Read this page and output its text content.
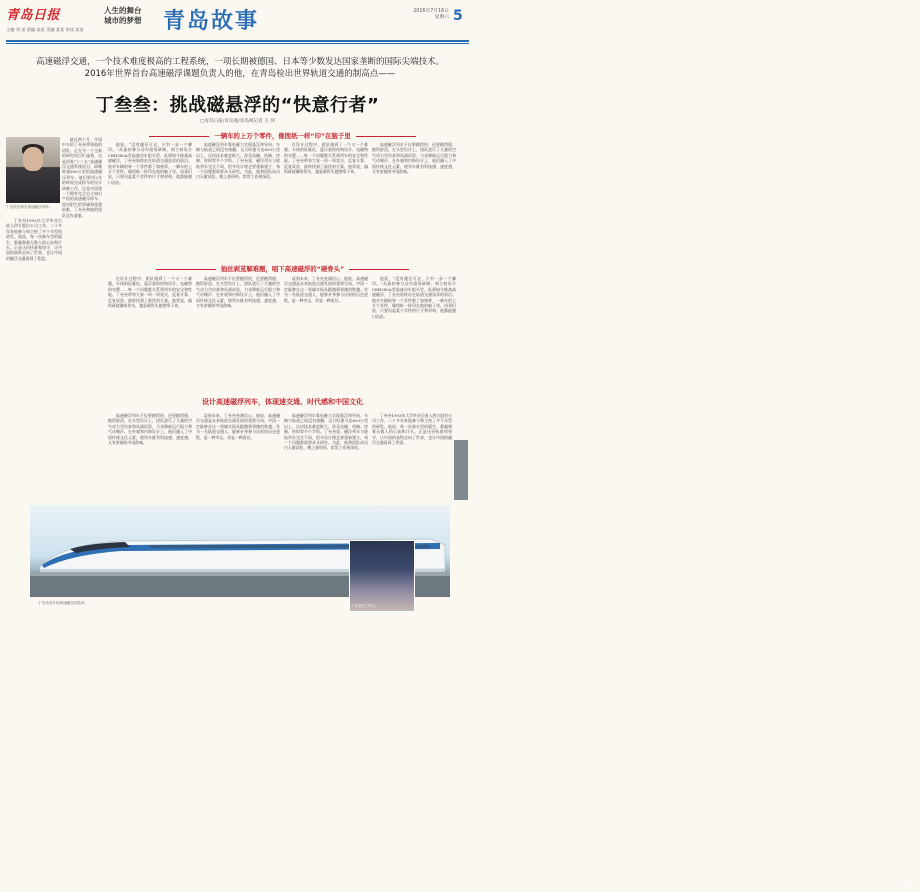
青岛日报
主编 刘 某 责编 某某 美编 某某 审读 某某
人生的舞台
城市的梦想 青岛故事	2016年7月16日
星期六 5
高速磁浮交通，一个技术难度极高的工程系统，一项长期被德国、日本等少数发达国家垄断的国际尖端技术。2016年世界首台高速磁浮课题负责人的他，在青岛检出世界轨道交通的制高点——
丁叁叁：挑战磁悬浮的“快意行者”
□青岛日报/青岛观/青岛网记者 王 珂
丁叁叁在研究高速磁浮列车。

最近两个月，中国中车的丁叁叁带领他的团队，正在为一个全新的研究项目忙碌着，这是国家“十三五”高速磁浮交通系统项目，研制时速600公里的高速磁浮列车。他们要用2年的时间完成样车的设计研制工作，这是中国第一个拥有完全自主知识产权的高速磁浮样车。面对陌生的领域和重重困难，丁叁叁和他的团队没有退缩。

丁叁叁1993年大学毕业后进入四方股份公司工作，二十多年来他参与和主持了多个车型的研发。他说，每一次新车型的诞生，都凝聚着无数人的心血和汗水。正是这份执着和坚守，让中国的高铁走向了世界，也让中国的磁浮交通看到了希望。

一辆车的上万个零件，像图纸一样“印”在脑子里

他说，“没有捷径可走，只有一步一个脚印。”从最初参与动车组的研制，到主持设计CRH380A型高速动车组头型，再到如今挑战高速磁浮，丁叁叁始终站在轨道交通技术的前沿。他对车辆的每一个零件都了如指掌，一辆车的上万个零件，像图纸一样印在他的脑子里。同事们说，只要问起某个零件的尺寸和材料，他都能脱口而出。

高速磁浮列车靠电磁力实现悬浮和导向，车辆与轨道之间没有接触，运行时速可达600公里以上。这项技术难度极大，涉及电磁、机械、控制、材料等多个学科。丁叁叁说，磁浮列车与轮轨列车完全不同，很多设计理念要重新建立，每一个问题都需要从头研究。为此，他和团队成员白天做试验，晚上查资料，常常工作到深夜。

在设计过程中，团队遇到了一个又一个难题。车体的轻量化、悬浮架的结构设计、电磁铁的布置……每一个问题都关系到列车的安全和性能。丁叁叁带领大家一项一项攻关，反复计算、反复试验，最终找到了最优的方案。他常说，搞科研就像啃骨头，越是硬骨头越要啃下来。

高速磁浮列车不仅要跑得快，还要跑得稳、跑得舒适。在头型设计上，团队进行了大量的空气动力学仿真和风洞试验，力求降低运行阻力和气动噪声。在外观和内饰设计上，他们融入了中国传统文化元素，使列车既有科技感、速度感，又有浓郁的中国韵味。

抽丝剥茧解难题，唱下高速磁浮的“硬骨头”

在设计过程中，团队遇到了一个又一个难题。车体的轻量化、悬浮架的结构设计、电磁铁的布置……每一个问题都关系到列车的安全和性能。丁叁叁带领大家一项一项攻关，反复计算、反复试验，最终找到了最优的方案。他常说，搞科研就像啃骨头，越是硬骨头越要啃下来。

高速磁浮列车不仅要跑得快，还要跑得稳、跑得舒适。在头型设计上，团队进行了大量的空气动力学仿真和风洞试验，力求降低运行阻力和气动噪声。在外观和内饰设计上，他们融入了中国传统文化元素，使列车既有科技感、速度感，又有浓郁的中国韵味。

谈到未来，丁叁叁充满信心。他说，高速磁浮交通是未来轨道交通发展的重要方向，中国一定能够在这一领域实现从跟跑到领跑的跨越。作为一名轨道交通人，能够亲身参与这样的历史进程，是一种幸运，更是一种责任。

他说，“没有捷径可走，只有一步一个脚印。”从最初参与动车组的研制，到主持设计CRH380A型高速动车组头型，再到如今挑战高速磁浮，丁叁叁始终站在轨道交通技术的前沿。他对车辆的每一个零件都了如指掌，一辆车的上万个零件，像图纸一样印在他的脑子里。同事们说，只要问起某个零件的尺寸和材料，他都能脱口而出。

设计高速磁浮列车，体现速交通、时代感和中国文化

高速磁浮列车不仅要跑得快，还要跑得稳、跑得舒适。在头型设计上，团队进行了大量的空气动力学仿真和风洞试验，力求降低运行阻力和气动噪声。在外观和内饰设计上，他们融入了中国传统文化元素，使列车既有科技感、速度感，又有浓郁的中国韵味。

谈到未来，丁叁叁充满信心。他说，高速磁浮交通是未来轨道交通发展的重要方向，中国一定能够在这一领域实现从跟跑到领跑的跨越。作为一名轨道交通人，能够亲身参与这样的历史进程，是一种幸运，更是一种责任。

高速磁浮列车靠电磁力实现悬浮和导向，车辆与轨道之间没有接触，运行时速可达600公里以上。这项技术难度极大，涉及电磁、机械、控制、材料等多个学科。丁叁叁说，磁浮列车与轮轨列车完全不同，很多设计理念要重新建立，每一个问题都需要从头研究。为此，他和团队成员白天做试验，晚上查资料，常常工作到深夜。

丁叁叁1993年大学毕业后进入四方股份公司工作，二十多年来他参与和主持了多个车型的研发。他说，每一次新车型的诞生，都凝聚着无数人的心血和汗水。正是这份执着和坚守，让中国的高铁走向了世界，也让中国的磁浮交通看到了希望。

丁叁叁在研究。
丁叁叁设计的高速磁浮试验车。
丁叁叁在工作中。
